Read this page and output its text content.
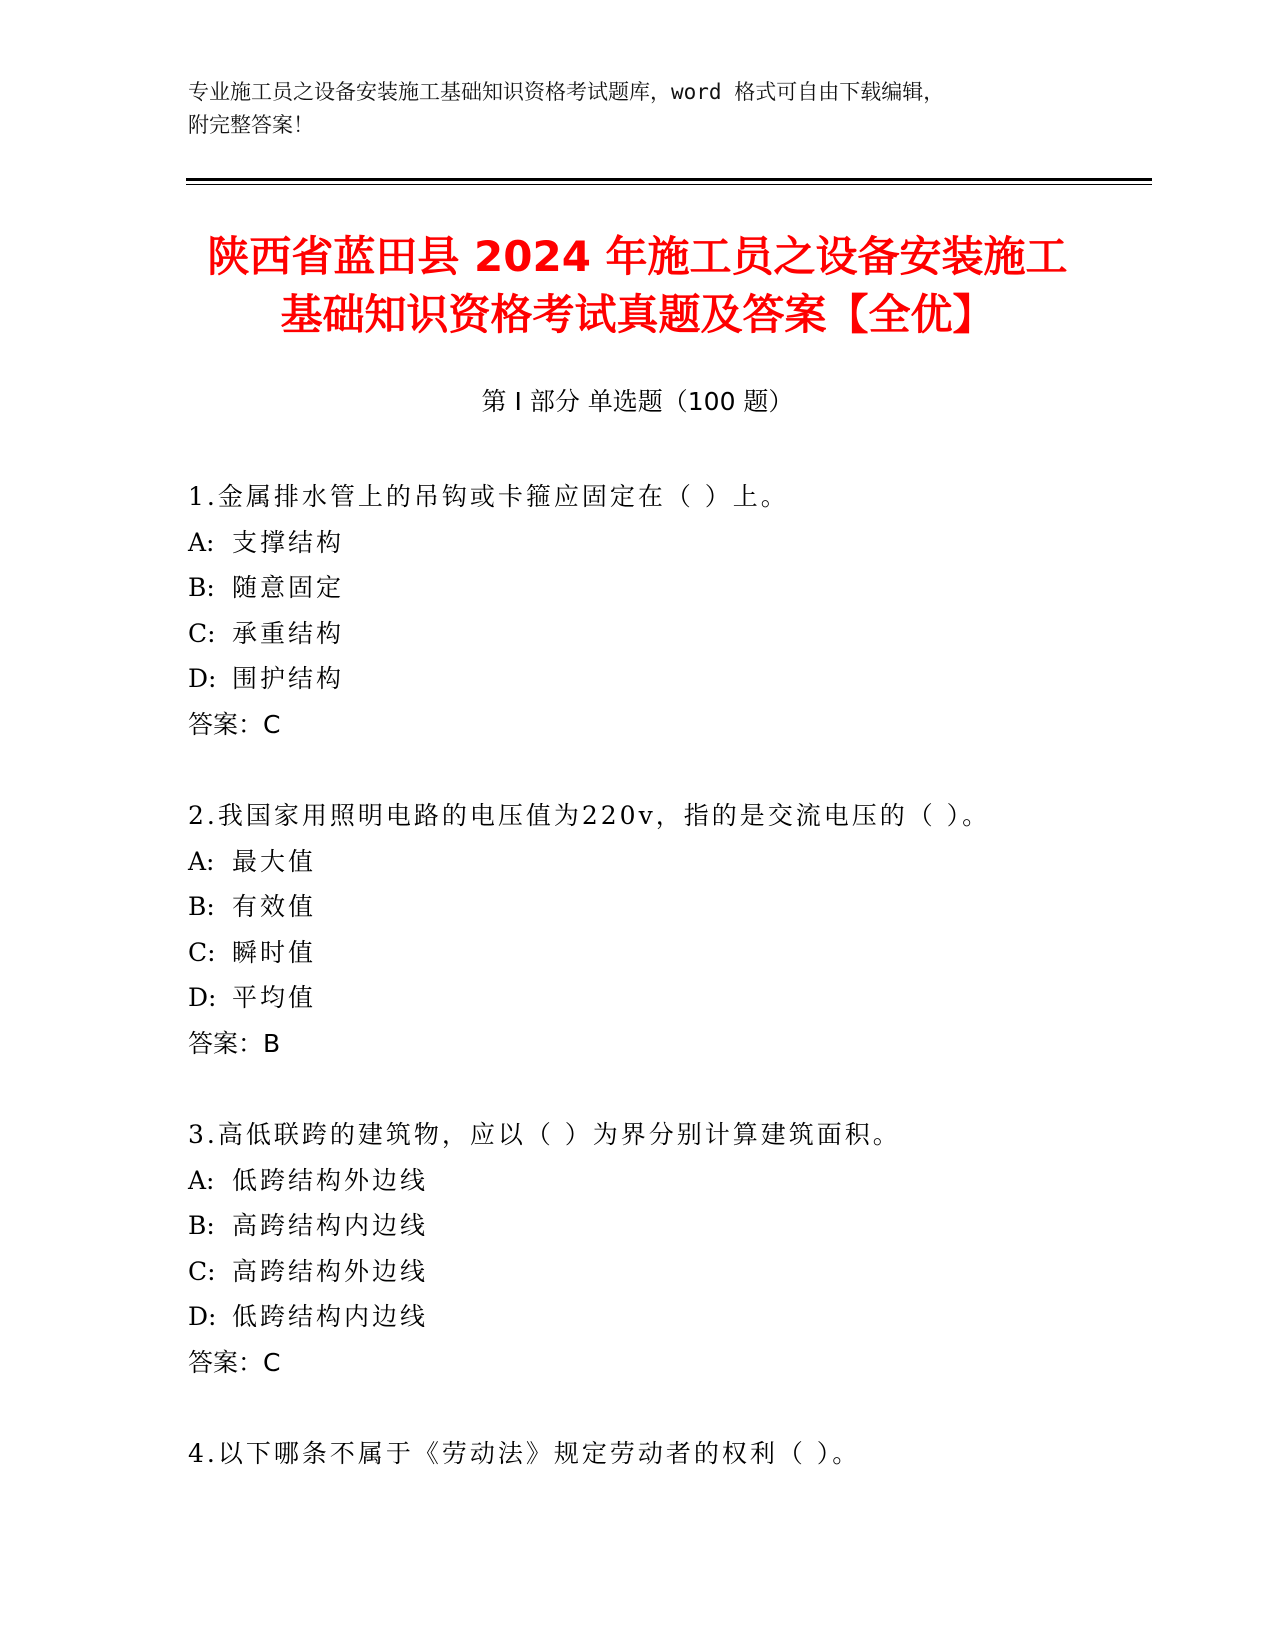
专业施工员之设备安装施工基础知识资格考试题库，word 格式可自由下载编辑，
附完整答案！
陕西省蓝田县 2024 年施工员之设备安装施工
基础知识资格考试真题及答案【全优】
第 I 部分 单选题（100 题）
1.金属排水管上的吊钩或卡箍应固定在（ ）上。
A: 支撑结构
B: 随意固定
C: 承重结构
D: 围护结构
答案：C
2.我国家用照明电路的电压值为220v，指的是交流电压的（ ）。
A: 最大值
B: 有效值
C: 瞬时值
D: 平均值
答案：B
3.高低联跨的建筑物，应以（ ）为界分别计算建筑面积。
A: 低跨结构外边线
B: 高跨结构内边线
C: 高跨结构外边线
D: 低跨结构内边线
答案：C
4.以下哪条不属于《劳动法》规定劳动者的权利（ ）。
